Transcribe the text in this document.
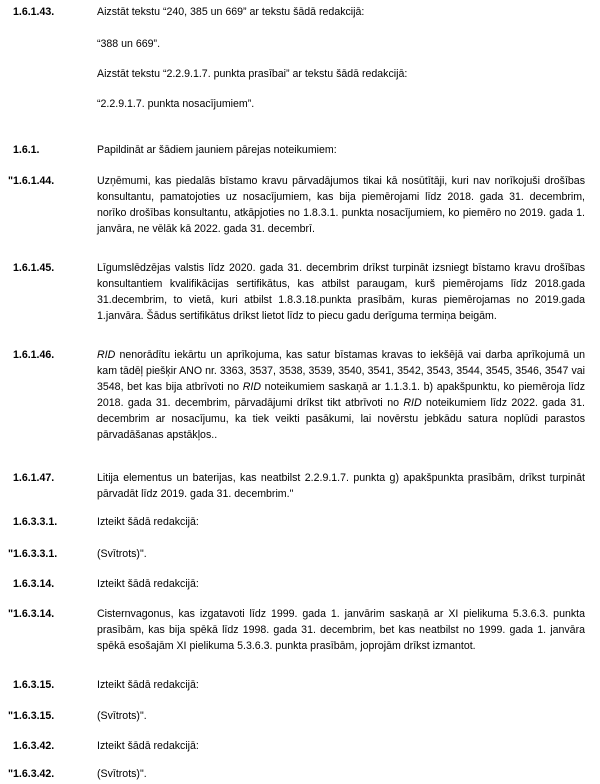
1.6.1.43.	Aizstāt tekstu “240, 385 un 669” ar tekstu šādā redakcijā:
“388 un 669”.
Aizstāt tekstu “2.2.9.1.7. punkta prasībai” ar tekstu šādā redakcijā:
“2.2.9.1.7. punkta nosacījumiem”.
1.6.1.	Papildināt ar šādiem jauniem pārejas noteikumiem:
"1.6.1.44.	Uzņēmumi, kas piedalās bīstamo kravu pārvadājumos tikai kā nosūtītāji, kuri nav norīkojuši drošības konsultantu, pamatojoties uz nosacījumiem, kas bija piemērojami līdz 2018. gada 31. decembrim, norīko drošības konsultantu, atkāpjoties no 1.8.3.1. punkta nosacījumiem, ko piemēro no 2019. gada 1. janvāra, ne vēlāk kā 2022. gada 31. decembrī.
1.6.1.45.	Līgumslēdzējas valstis līdz 2020. gada 31. decembrim drīkst turpināt izsniegt bīstamo kravu drošības konsultantiem kvalifikācijas sertifikātus, kas atbilst paraugam, kurš piemērojams līdz 2018.gada 31.decembrim, to vietā, kuri atbilst 1.8.3.18.punkta prasībām, kuras piemērojamas no 2019.gada 1.janvāra. Šādus sertifikātus drīkst lietot līdz to piecu gadu derīguma termiņa beigām.
1.6.1.46.	RID nenorādītu iekārtu un aprīkojuma, kas satur bīstamas kravas to iekšējā vai darba aprīkojumā un kam tādēļ piešķir ANO nr. 3363, 3537, 3538, 3539, 3540, 3541, 3542, 3543, 3544, 3545, 3546, 3547 vai 3548, bet kas bija atbrīvoti no RID noteikumiem saskaņā ar 1.1.3.1. b) apakšpunktu, ko piemēroja līdz 2018. gada 31. decembrim, pārvadājumi drīkst tikt atbrīvoti no RID noteikumiem līdz 2022. gada 31. decembrim ar nosacījumu, ka tiek veikti pasākumi, lai novērstu jebkādu satura noplūdi parastos pārvadāšanas apstākļos..
1.6.1.47.	Litija elementus un baterijas, kas neatbilst 2.2.9.1.7. punkta g) apakšpunkta prasībām, drīkst turpināt pārvadāt līdz 2019. gada 31. decembrim."
1.6.3.3.1.	Izteikt šādā redakcijā:
"1.6.3.3.1.	(Svītrots)".
1.6.3.14.	Izteikt šādā redakcijā:
"1.6.3.14.	Cisternvagonus, kas izgatavoti līdz 1999. gada 1. janvārim saskaņā ar XI pielikuma 5.3.6.3. punkta prasībām, kas bija spēkā līdz 1998. gada 31. decembrim, bet kas neatbilst no 1999. gada 1. janvāra spēkā esošajām XI pielikuma 5.3.6.3. punkta prasībām, joprojām drīkst izmantot.
1.6.3.15.	Izteikt šādā redakcijā:
"1.6.3.15.	(Svītrots)".
1.6.3.42.	Izteikt šādā redakcijā:
"1.6.3.42.	(Svītrots)".
